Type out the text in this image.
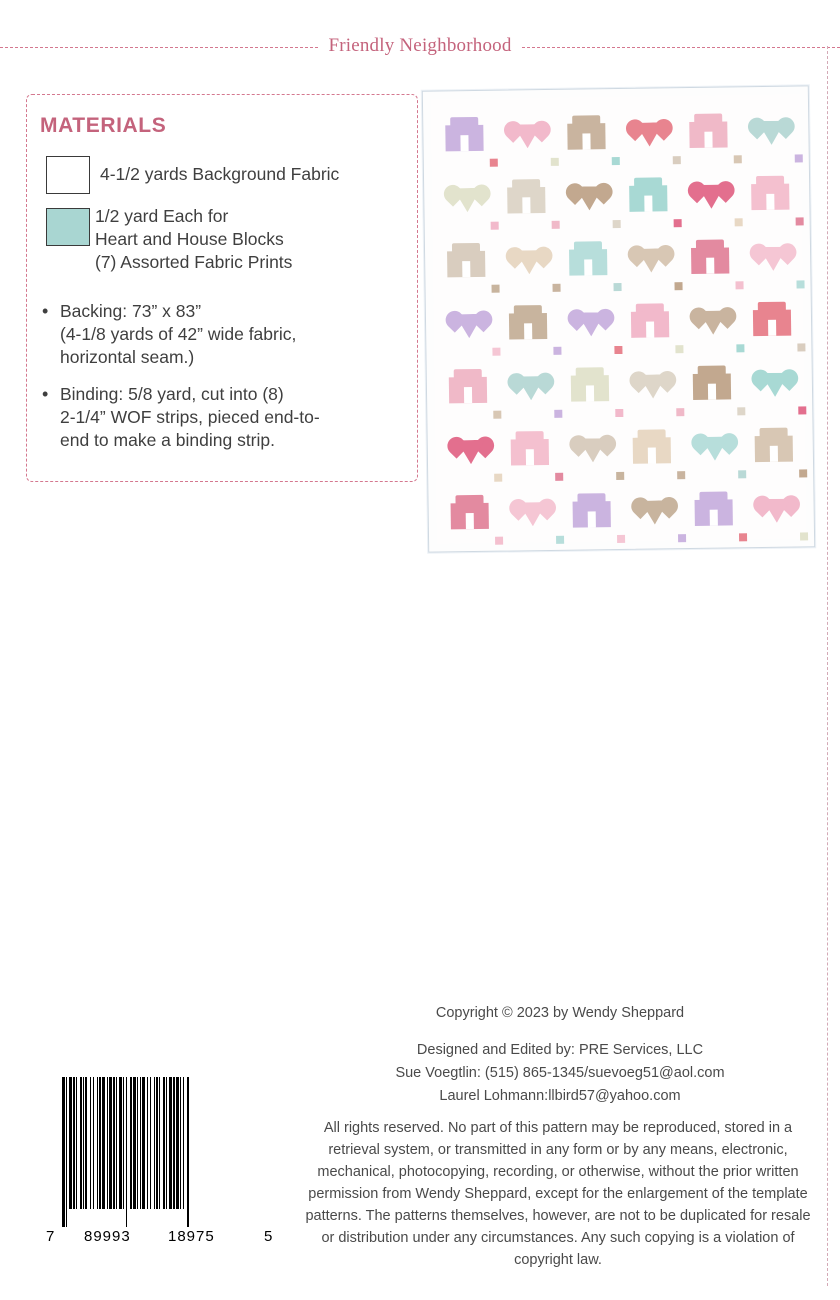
Friendly Neighborhood
MATERIALS
4-1/2 yards Background Fabric
1/2 yard Each for
Heart and House Blocks
(7) Assorted Fabric Prints
• Backing: 73” x 83”
(4-1/8 yards of 42” wide fabric,
horizontal seam.)
• Binding: 5/8 yard, cut into (8)
2-1/4” WOF strips, pieced end-to-
end to make a binding strip.
Copyright © 2023 by Wendy Sheppard
Designed and Edited by: PRE Services, LLC
Sue Voegtlin: (515) 865-1345/suevoeg51@aol.com
Laurel Lohmann:llbird57@yahoo.com
All rights reserved. No part of this pattern may be reproduced, stored in a retrieval system, or transmitted in any form or by any means, electronic, mechanical, photocopying, recording, or otherwise, without the prior written permission from Wendy Sheppard, except for the enlargement of the template patterns. The patterns themselves, however, are not to be duplicated for resale or distribution under any circumstances. Any such copying is a violation of copyright law.
7 89993 18975	5
